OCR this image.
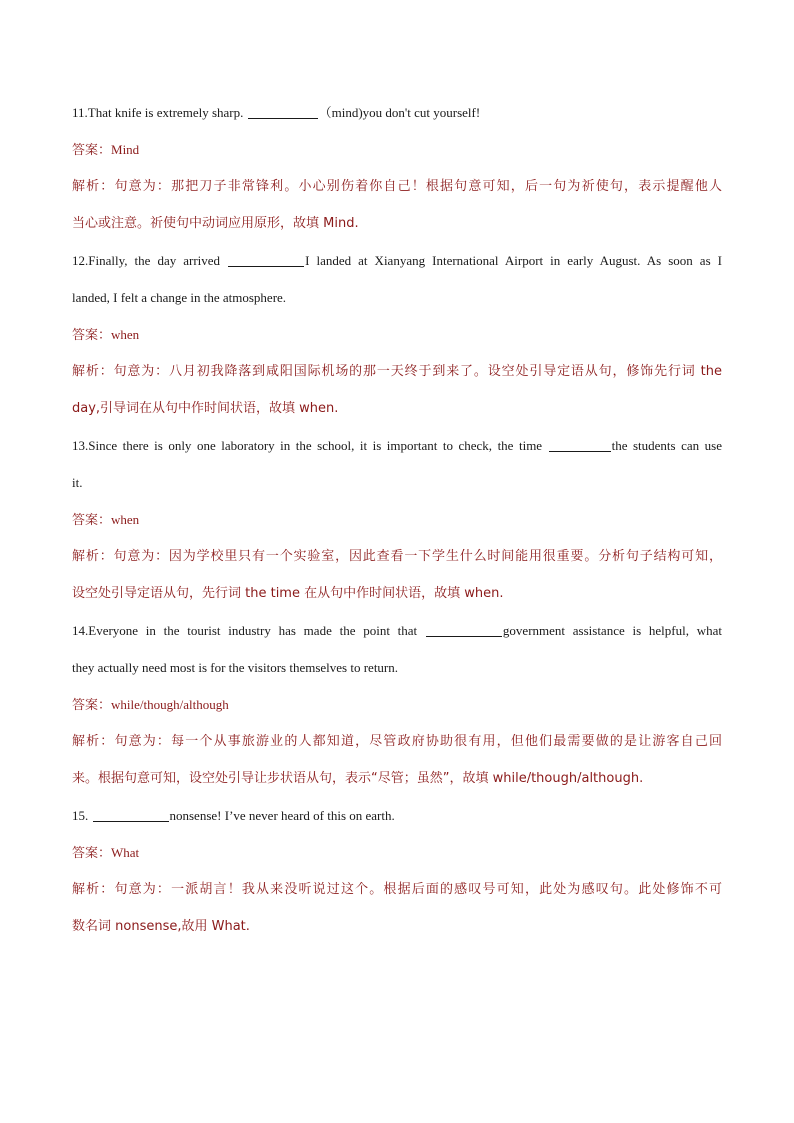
11.That knife is extremely sharp.	（mind)you don't cut yourself!
答案：Mind
解析：句意为：那把刀子非常锋利。小心别伤着你自己！根据句意可知，后一句为祈使句，表示提醒他人
当心或注意。祈使句中动词应用原形，故填 Mind.
12.Finally, the day arrived	I landed at Xianyang International Airport in early August. As soon as I
landed, I felt a change in the atmosphere.
答案：when
解析：句意为：八月初我降落到咸阳国际机场的那一天终于到来了。设空处引导定语从句，修饰先行词 the
day,引导词在从句中作时间状语，故填 when.
13.Since there is only one laboratory in the school, it is important to check, the time	the students can use
it.
答案：when
解析：句意为：因为学校里只有一个实验室，因此查看一下学生什么时间能用很重要。分析句子结构可知，
设空处引导定语从句，先行词 the time 在从句中作时间状语，故填 when.
14.Everyone in the tourist industry has made the point that	government assistance is helpful, what
they actually need most is for the visitors themselves to return.
答案：while/though/although
解析：句意为：每一个从事旅游业的人都知道，尽管政府协助很有用，但他们最需要做的是让游客自己回
来。根据句意可知，设空处引导让步状语从句，表示“尽管；虽然”，故填 while/though/although.
15.	nonsense! I’ve never heard of this on earth.
答案：What
解析：句意为：一派胡言！我从来没听说过这个。根据后面的感叹号可知，此处为感叹句。此处修饰不可
数名词 nonsense,故用 What.
